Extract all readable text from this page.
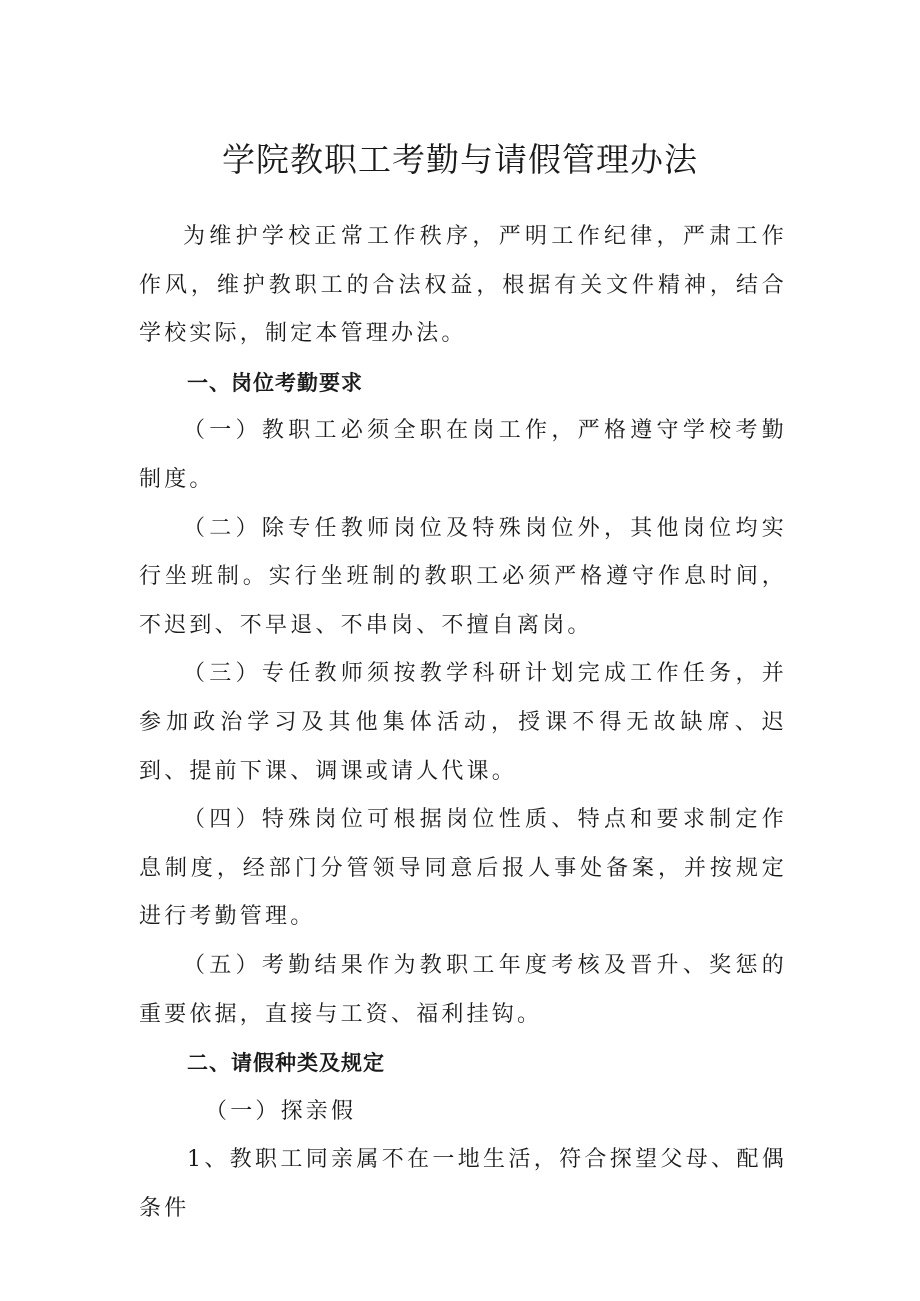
学院教职工考勤与请假管理办法

为维护学校正常工作秩序，严明工作纪律，严肃工作作风，维护教职工的合法权益，根据有关文件精神，结合学校实际，制定本管理办法。

一、岗位考勤要求

（一）教职工必须全职在岗工作，严格遵守学校考勤制度。

（二）除专任教师岗位及特殊岗位外，其他岗位均实行坐班制。实行坐班制的教职工必须严格遵守作息时间，不迟到、不早退、不串岗、不擅自离岗。

（三）专任教师须按教学科研计划完成工作任务，并参加政治学习及其他集体活动，授课不得无故缺席、迟到、提前下课、调课或请人代课。

（四）特殊岗位可根据岗位性质、特点和要求制定作息制度，经部门分管领导同意后报人事处备案，并按规定进行考勤管理。

（五）考勤结果作为教职工年度考核及晋升、奖惩的重要依据，直接与工资、福利挂钩。

二、请假种类及规定

（一）探亲假

1、教职工同亲属不在一地生活，符合探望父母、配偶条件
